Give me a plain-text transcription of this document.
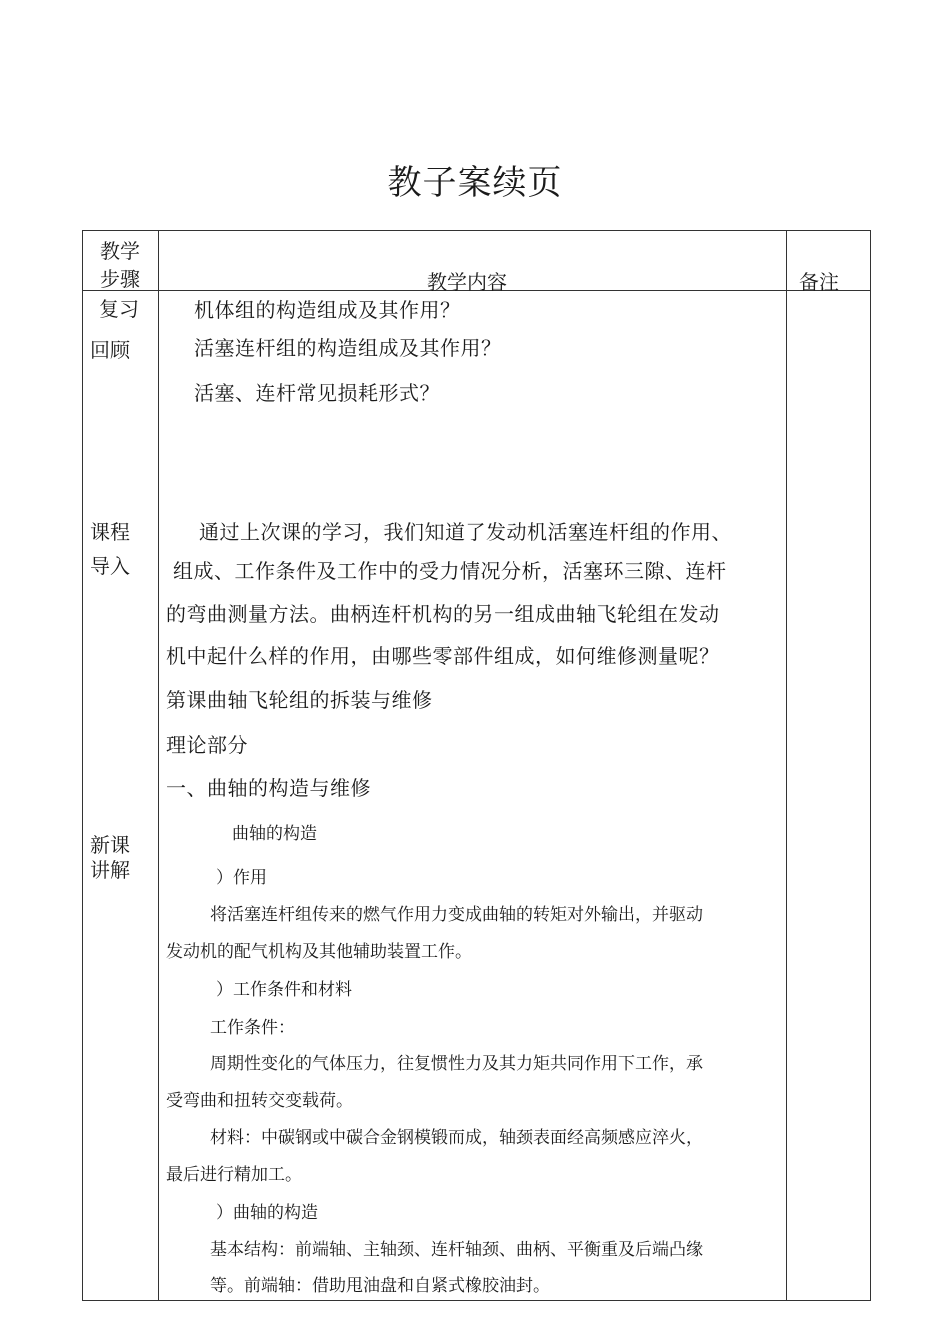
教子案续页
教学
步骤	教学内容	备注
复习
回顾
机体组的构造组成及其作用？
活塞连杆组的构造组成及其作用？
活塞、连杆常见损耗形式？
课程
导入
通过上次课的学习，我们知道了发动机活塞连杆组的作用、
组成、工作条件及工作中的受力情况分析，活塞环三隙、连杆
的弯曲测量方法。曲柄连杆机构的另一组成曲轴飞轮组在发动
机中起什么样的作用，由哪些零部件组成，如何维修测量呢？
第课曲轴飞轮组的拆装与维修
理论部分
一、曲轴的构造与维修
新课
讲解
曲轴的构造
）作用
将活塞连杆组传来的燃气作用力变成曲轴的转矩对外输出，并驱动
发动机的配气机构及其他辅助装置工作。
）工作条件和材料
工作条件：
周期性变化的气体压力，往复惯性力及其力矩共同作用下工作，承
受弯曲和扭转交变载荷。
材料：中碳钢或中碳合金钢模锻而成，轴颈表面经高频感应淬火，
最后进行精加工。
）曲轴的构造
基本结构：前端轴、主轴颈、连杆轴颈、曲柄、平衡重及后端凸缘
等。前端轴：借助甩油盘和自紧式橡胶油封。
